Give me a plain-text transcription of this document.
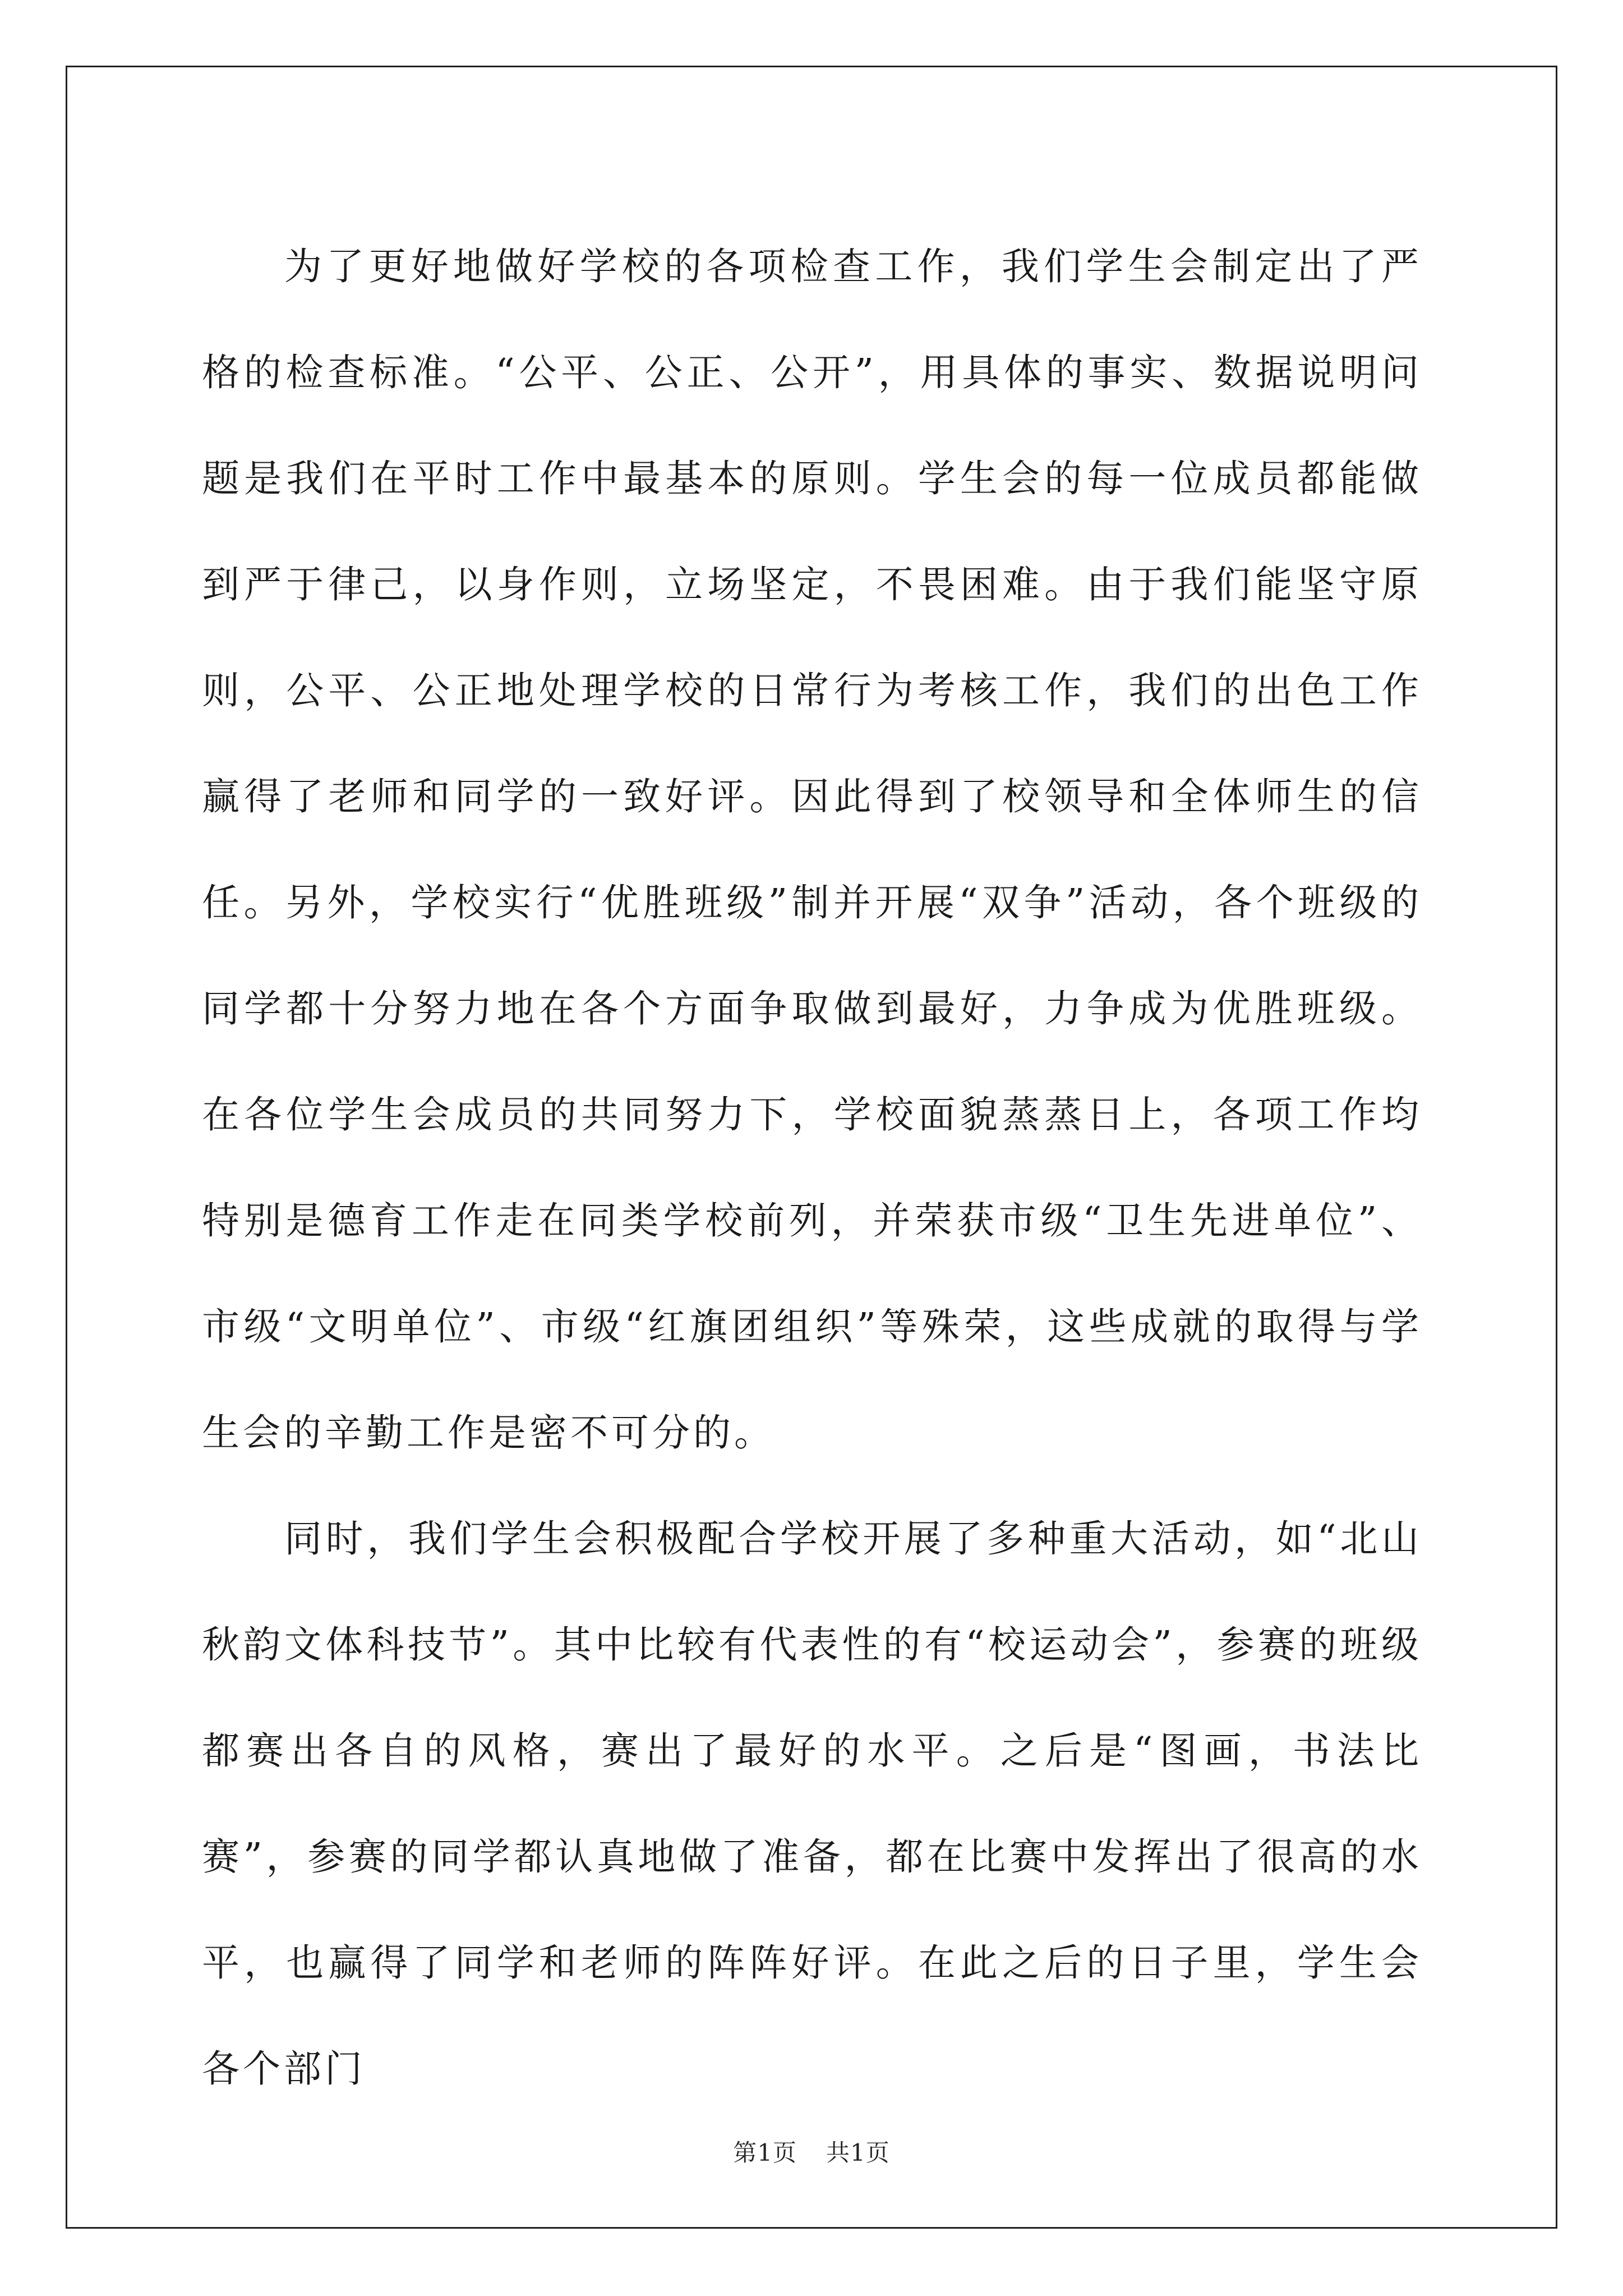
为了更好地做好学校的各项检查工作，我们学生会制定出了严格的检查标准。“公平、公正、公开”，用具体的事实、数据说明问题是我们在平时工作中最基本的原则。学生会的每一位成员都能做到严于律己，以身作则，立场坚定，不畏困难。由于我们能坚守原则，公平、公正地处理学校的日常行为考核工作，我们的出色工作赢得了老师和同学的一致好评。因此得到了校领导和全体师生的信任。另外，学校实行“优胜班级”制并开展“双争”活动，各个班级的同学都十分努力地在各个方面争取做到最好，力争成为优胜班级。在各位学生会成员的共同努力下，学校面貌蒸蒸日上，各项工作均特别是德育工作走在同类学校前列，并荣获市级“卫生先进单位”、市级“文明单位”、市级“红旗团组织”等殊荣，这些成就的取得与学生会的辛勤工作是密不可分的。

同时，我们学生会积极配合学校开展了多种重大活动，如“北山秋韵文体科技节”。其中比较有代表性的有“校运动会”，参赛的班级都赛出各自的风格，赛出了最好的水平。之后是“图画，书法比赛”，参赛的同学都认真地做了准备，都在比赛中发挥出了很高的水平，也赢得了同学和老师的阵阵好评。在此之后的日子里，学生会各个部门

第1页 共1页
